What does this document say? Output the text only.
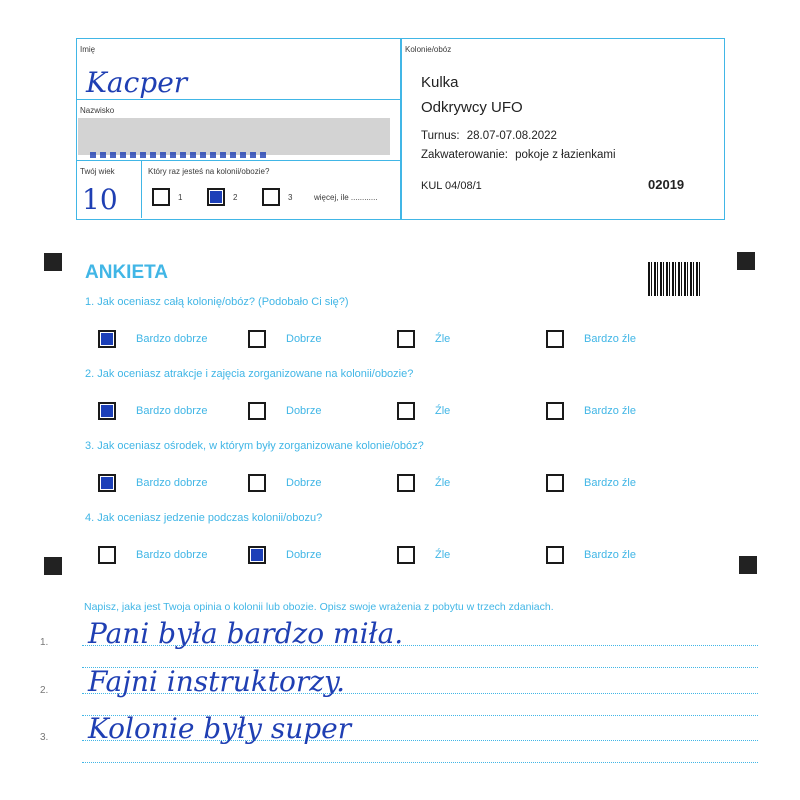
Imię
Kacper
Nazwisko
Twój wiek
10
Który raz jesteś na kolonii/obozie?
1	2	3	więcej, ile ............
Kolonie/obóz
Kulka
Odkrywcy UFO
Turnus: 28.07-07.08.2022
Zakwaterowanie: pokoje z łazienkami
KUL 04/08/1	02019
ANKIETA
1. Jak oceniasz całą kolonię/obóz? (Podobało Ci się?)
Bardzo dobrze	Dobrze	Źle	Bardzo źle
2. Jak oceniasz atrakcje i zajęcia zorganizowane na kolonii/obozie?
Bardzo dobrze	Dobrze	Źle	Bardzo źle
3. Jak oceniasz ośrodek, w którym były zorganizowane kolonie/obóz?
Bardzo dobrze	Dobrze	Źle	Bardzo źle
4. Jak oceniasz jedzenie podczas kolonii/obozu?
Bardzo dobrze	Dobrze	Źle	Bardzo źle
Napisz, jaka jest Twoja opinia o kolonii lub obozie. Opisz swoje wrażenia z pobytu w trzech zdaniach.
1. Pani była bardzo miła.
2. Fajni instruktorzy.
3. Kolonie były super
